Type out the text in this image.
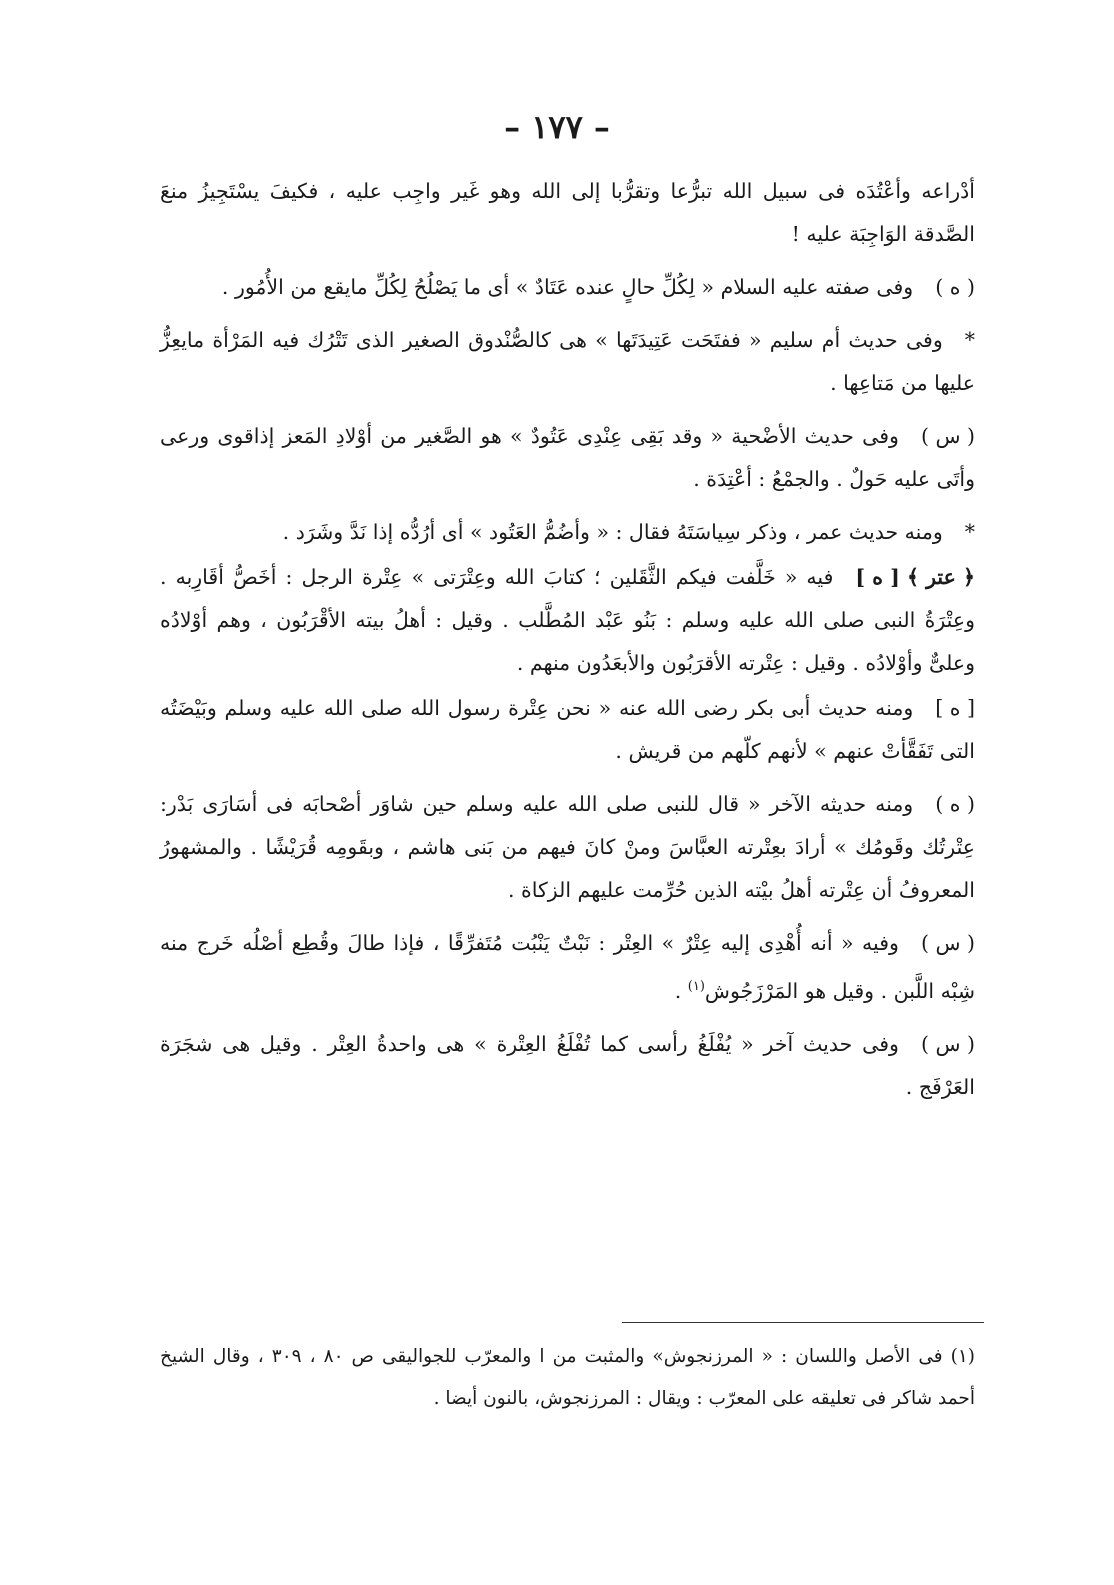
– ١٧٧ –

أدْراعه وأعْتُدَه فى سبيل الله تبرُّعا وتقرُّبا إلى الله وهو غَير واجِب عليه ، فكيفَ يسْتَجِيزُ منعَ الصَّدقة الوَاجِبَة عليه !

( ه )وفى صفته عليه السلام « لِكُلِّ حالٍ عنده عَتَادٌ » أى ما يَصْلُحُ لِكُلِّ مايقع من الأُمُور .

*وفى حديث أم سليم « ففتَحَت عَتِيدَتَها » هى كالصُّنْدوق الصغير الذى تَتْرُك فيه المَرْأة مايعِزُّ عليها من مَتاعِها .

( س )وفى حديث الأضْحية « وقد بَقِى عِنْدِى عَتُودٌ » هو الصَّغير من أوْلادِ المَعز إذاقوى ورعى وأتَى عليه حَولٌ . والجمْعُ : أعْتِدَة .

*ومنه حديث عمر ، وذكر سِياسَتَهُ فقال : « وأضُمُّ العَتُود » أى أرُدُّه إذا نَدَّ وشَرَد .

﴿ عتر ﴾ [ ه ]فيه « خَلَّفت فيكم الثَّقَلين ؛ كتابَ الله وعِتْرَتى » عِتْرة الرجل : أخَصُّ أقَارِبه . وعِتْرَةُ النبى صلى الله عليه وسلم : بَنُو عَبْد المُطَّلب . وقيل : أهلُ بيته الأقْرَبُون ، وهم أوْلادُه وعلىٌّ وأوْلادُه . وقيل : عِتْرته الأقرَبُون والأبعَدُون منهم .

[ ه ]ومنه حديث أبى بكر رضى الله عنه « نحن عِتْرة رسول الله صلى الله عليه وسلم وبَيْضَتُه التى تَفَقَّأتْ عنهم » لأنهم كلّهم من قريش .

( ه )ومنه حديثه الآخر « قال للنبى صلى الله عليه وسلم حين شاوَر أصْحابَه فى أسَارَى بَدْر: عِتْرتُك وقَومُك » أرادَ بعِتْرته العبَّاسَ ومنْ كانَ فيهم من بَنى هاشم ، وبقَومِه قُرَيْشًا . والمشهورُ المعروفُ أن عِتْرته أهلُ بيْته الذين حُرِّمت عليهم الزكاة .

( س )وفيه « أنه أُهْدِى إليه عِتْرٌ » العِتْر : نَبْتٌ يَنْبُت مُتَفرِّقًا ، فإذا طالَ وقُطِع أصْلُه خَرج منه شِبْه اللَّبن . وقيل هو المَرْزَجُوش$^{(١)}$ .

( س )وفى حديث آخر « يُفْلَغُ رأسى كما تُفْلَغُ العِتْرة » هى واحدةُ العِتْر . وقيل هى شجَرَة العَرْفَج .

(١) فى الأصل واللسان : « المرزنجوش» والمثبت من ا والمعرّب للجواليقى ص ٨٠ ، ٣٠٩ ، وقال الشيخ أحمد شاكر فى تعليقه على المعرّب : ويقال : المرزنجوش، بالنون أيضا .
